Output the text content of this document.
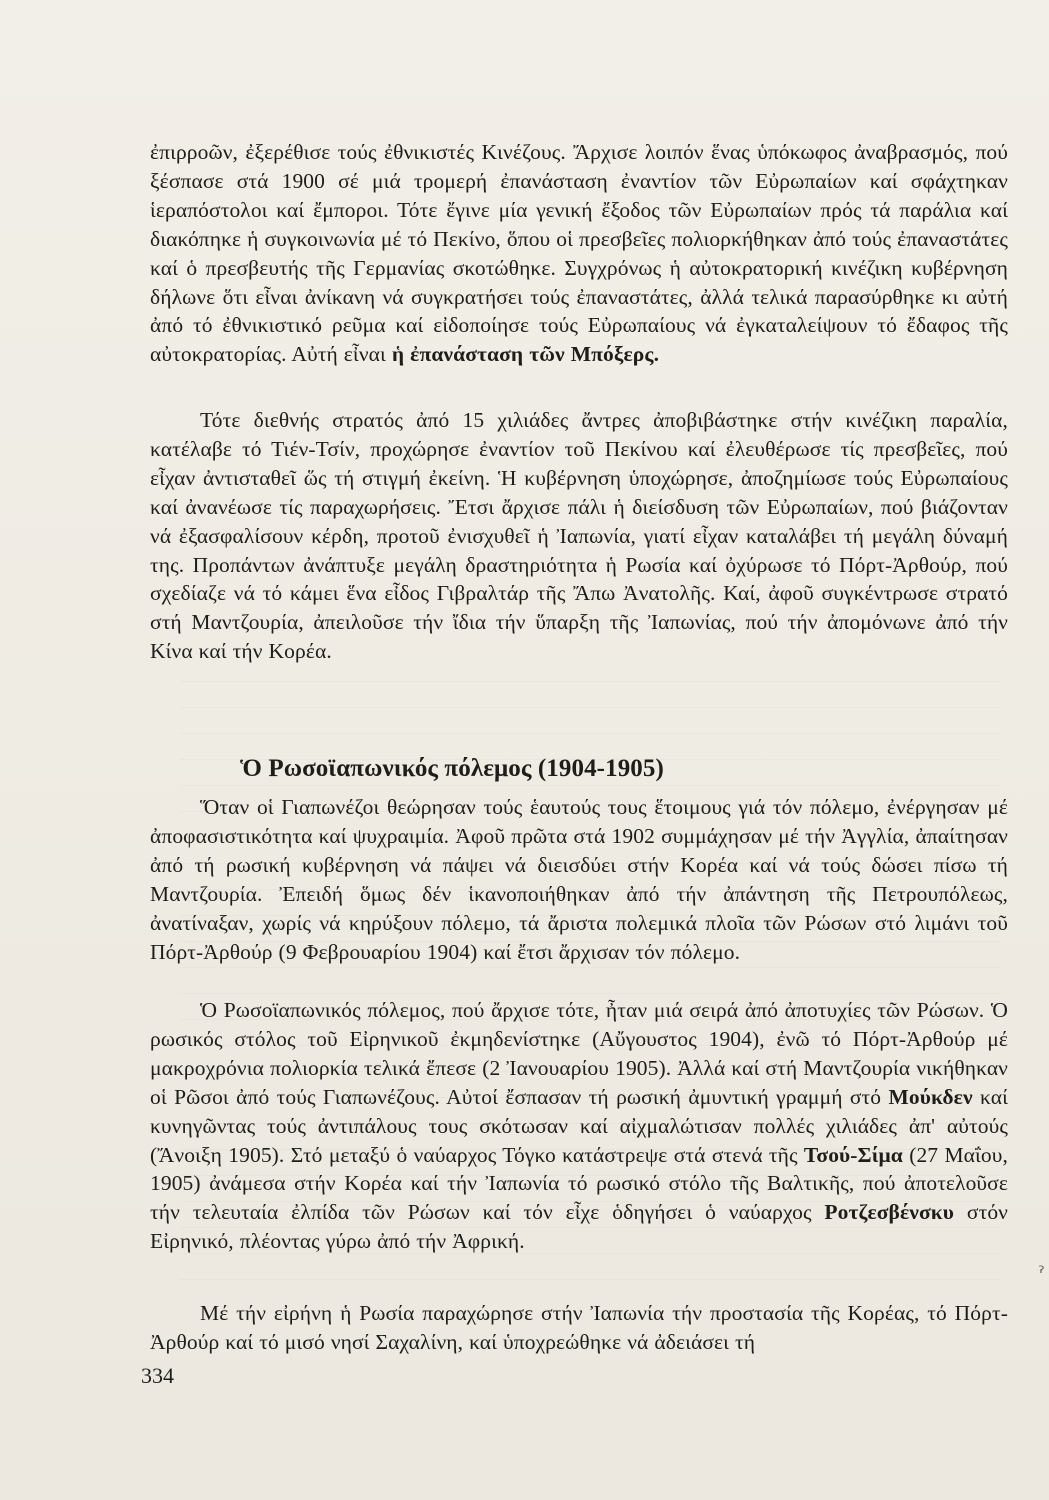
ἐπιρροῶν, ἐξερέθισε τούς ἐθνικιστές Κινέζους. Ἄρχισε λοιπόν ἕνας ὑπόκωφος ἀναβρασμός, πού ξέσπασε στά 1900 σέ μιά τρομερή ἐπανάσταση ἐναντίον τῶν Εὐρωπαίων καί σφάχτηκαν ἱεραπόστολοι καί ἔμποροι. Τότε ἔγινε μία γενική ἔξοδος τῶν Εὐρωπαίων πρός τά παράλια καί διακόπηκε ἡ συγκοινωνία μέ τό Πεκίνο, ὅπου οἱ πρεσβεῖες πολιορκήθηκαν ἀπό τούς ἐπαναστάτες καί ὁ πρεσβευτής τῆς Γερμανίας σκοτώθηκε. Συγχρόνως ἡ αὐτοκρατορική κινέζικη κυβέρνηση δήλωνε ὅτι εἶναι ἀνίκανη νά συγκρατήσει τούς ἐπαναστάτες, ἀλλά τελικά παρασύρθηκε κι αὐτή ἀπό τό ἐθνικιστικό ρεῦμα καί εἰδοποίησε τούς Εὐρωπαίους νά ἐγκαταλείψουν τό ἔδαφος τῆς αὐτοκρατορίας. Αὐτή εἶναι ἡ ἐπανάσταση τῶν Μπόξερς.

Τότε διεθνής στρατός ἀπό 15 χιλιάδες ἄντρες ἀποβιβάστηκε στήν κινέζικη παραλία, κατέλαβε τό Τιέν-Τσίν, προχώρησε ἐναντίον τοῦ Πεκίνου καί ἐλευθέρωσε τίς πρεσβεῖες, πού εἶχαν ἀντισταθεῖ ὥς τή στιγμή ἐκείνη. Ἡ κυβέρνηση ὑποχώρησε, ἀποζημίωσε τούς Εὐρωπαίους καί ἀνανέωσε τίς παραχωρήσεις. Ἔτσι ἄρχισε πάλι ἡ διείσδυση τῶν Εὐρωπαίων, πού βιάζονταν νά ἐξασφαλίσουν κέρδη, προτοῦ ἐνισχυθεῖ ἡ Ἰαπωνία, γιατί εἶχαν καταλάβει τή μεγάλη δύναμή της. Προπάντων ἀνάπτυξε μεγάλη δραστηριότητα ἡ Ρωσία καί ὀχύρωσε τό Πόρτ-Ἀρθούρ, πού σχεδίαζε νά τό κάμει ἕνα εἶδος Γιβραλτάρ τῆς Ἄπω Ἀνατολῆς. Καί, ἀφοῦ συγκέντρωσε στρατό στή Μαντζουρία, ἀπειλοῦσε τήν ἴδια τήν ὕπαρξη τῆς Ἰαπωνίας, πού τήν ἀπομόνωνε ἀπό τήν Κίνα καί τήν Κορέα.

Ὁ Ρωσοϊαπωνικός πόλεμος (1904-1905)

Ὅταν οἱ Γιαπωνέζοι θεώρησαν τούς ἑαυτούς τους ἕτοιμους γιά τόν πόλεμο, ἐνέργησαν μέ ἀποφασιστικότητα καί ψυχραιμία. Ἀφοῦ πρῶτα στά 1902 συμμάχησαν μέ τήν Ἀγγλία, ἀπαίτησαν ἀπό τή ρωσική κυβέρνηση νά πάψει νά διεισδύει στήν Κορέα καί νά τούς δώσει πίσω τή Μαντζουρία. Ἐπειδή ὅμως δέν ἱκανοποιήθηκαν ἀπό τήν ἀπάντηση τῆς Πετρουπόλεως, ἀνατίναξαν, χωρίς νά κηρύξουν πόλεμο, τά ἄριστα πολεμικά πλοῖα τῶν Ρώσων στό λιμάνι τοῦ Πόρτ-Ἀρθούρ (9 Φεβρουαρίου 1904) καί ἔτσι ἄρχισαν τόν πόλεμο.

Ὁ Ρωσοϊαπωνικός πόλεμος, πού ἄρχισε τότε, ἦταν μιά σειρά ἀπό ἀποτυχίες τῶν Ρώσων. Ὁ ρωσικός στόλος τοῦ Εἰρηνικοῦ ἐκμηδενίστηκε (Αὔγουστος 1904), ἐνῶ τό Πόρτ-Ἀρθούρ μέ μακροχρόνια πολιορκία τελικά ἔπεσε (2 Ἰανουαρίου 1905). Ἀλλά καί στή Μαντζουρία νικήθηκαν οἱ Ρῶσοι ἀπό τούς Γιαπωνέζους. Αὐτοί ἔσπασαν τή ρωσική ἀμυντική γραμμή στό Μούκδεν καί κυνηγῶντας τούς ἀντιπάλους τους σκότωσαν καί αἰχμαλώτισαν πολλές χιλιάδες ἀπ' αὐτούς (Ἄνοιξη 1905). Στό μεταξύ ὁ ναύαρχος Τόγκο κατάστρεψε στά στενά τῆς Τσού-Σίμα (27 Μαΐου, 1905) ἀνάμεσα στήν Κορέα καί τήν Ἰαπωνία τό ρωσικό στόλο τῆς Βαλτικῆς, πού ἀποτελοῦσε τήν τελευταία ἐλπίδα τῶν Ρώσων καί τόν εἶχε ὁδηγήσει ὁ ναύαρχος Ροτζεσβένσκυ στόν Εἰρηνικό, πλέοντας γύρω ἀπό τήν Ἀφρική.

Μέ τήν εἰρήνη ἡ Ρωσία παραχώρησε στήν Ἰαπωνία τήν προστασία τῆς Κορέας, τό Πόρτ-Ἀρθούρ καί τό μισό νησί Σαχαλίνη, καί ὑποχρεώθηκε νά ἀδειάσει τή

334
ˀ
